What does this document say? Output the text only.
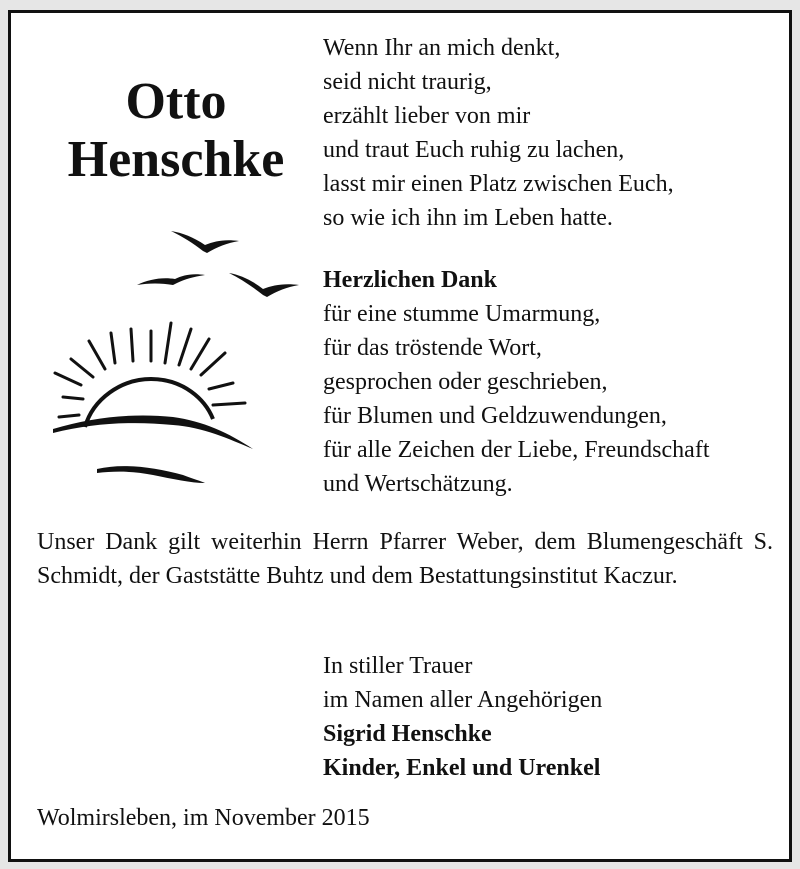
Otto
Henschke
Wenn Ihr an mich denkt,
seid nicht traurig,
erzählt lieber von mir
und traut Euch ruhig zu lachen,
lasst mir einen Platz zwischen Euch,
so wie ich ihn im Leben hatte.
Herzlichen Dank
für eine stumme Umarmung,
für das tröstende Wort,
gesprochen oder geschrieben,
für Blumen und Geldzuwendungen,
für alle Zeichen der Liebe, Freundschaft
und Wertschätzung.

Unser Dank gilt weiterhin Herrn Pfarrer Weber, dem Blumengeschäft S. Schmidt, der Gaststätte Buhtz und dem Bestattungsinstitut Kaczur.

In stiller Trauer
im Namen aller Angehörigen
Sigrid Henschke
Kinder, Enkel und Urenkel
Wolmirsleben, im November 2015
